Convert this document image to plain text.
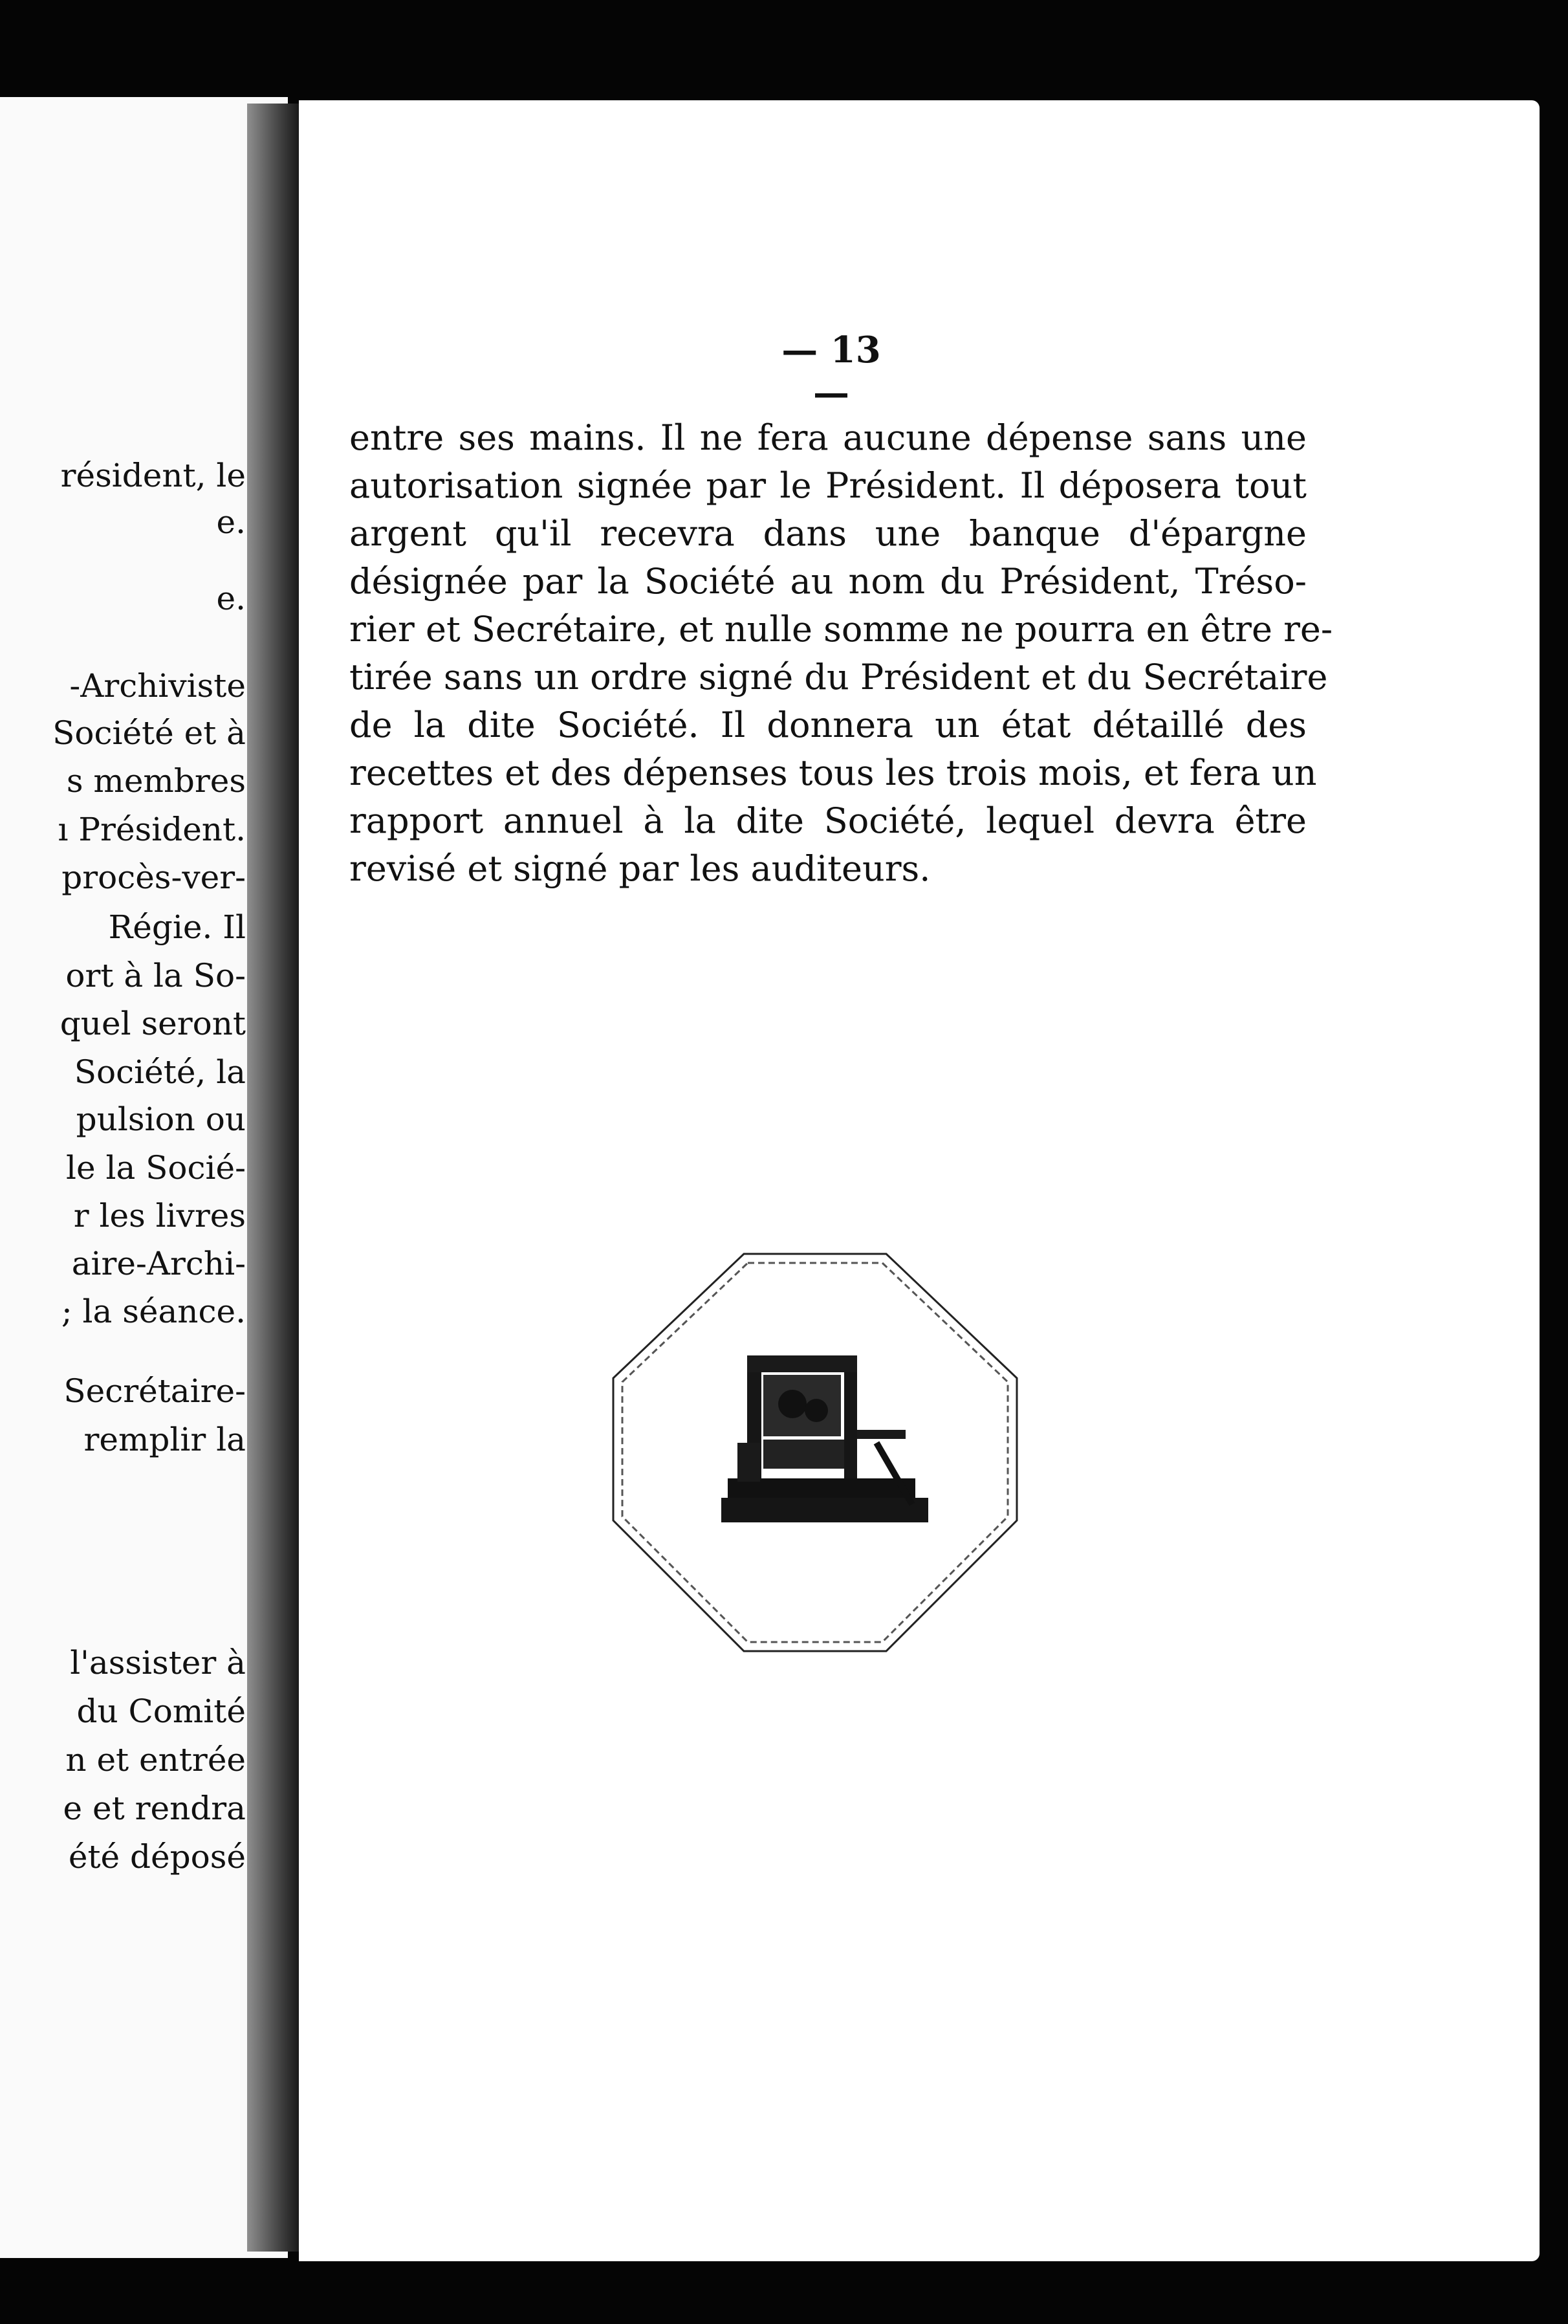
résident, le
e.
e.
-Archiviste
Société et à
s membres
ı Président.
procès-ver-
Régie. Il
ort à la So-
quel seront
Société, la
pulsion ou
le la Socié-
r les livres
aire-Archi-
; la séance.
Secrétaire-
remplir la
l'assister à
du Comité
n et entrée
e et rendra
été déposé
— 13 —
entre ses mains. Il ne fera aucune dépense sans une
autorisation signée par le Président. Il déposera tout
argent qu'il recevra dans une banque d'épargne
désignée par la Société au nom du Président, Tréso-
rier et Secrétaire, et nulle somme ne pourra en être re-
tirée sans un ordre signé du Président et du Secrétaire
de la dite Société. Il donnera un état détaillé des
recettes et des dépenses tous les trois mois, et fera un
rapport annuel à la dite Société, lequel devra être
revisé et signé par les auditeurs.
